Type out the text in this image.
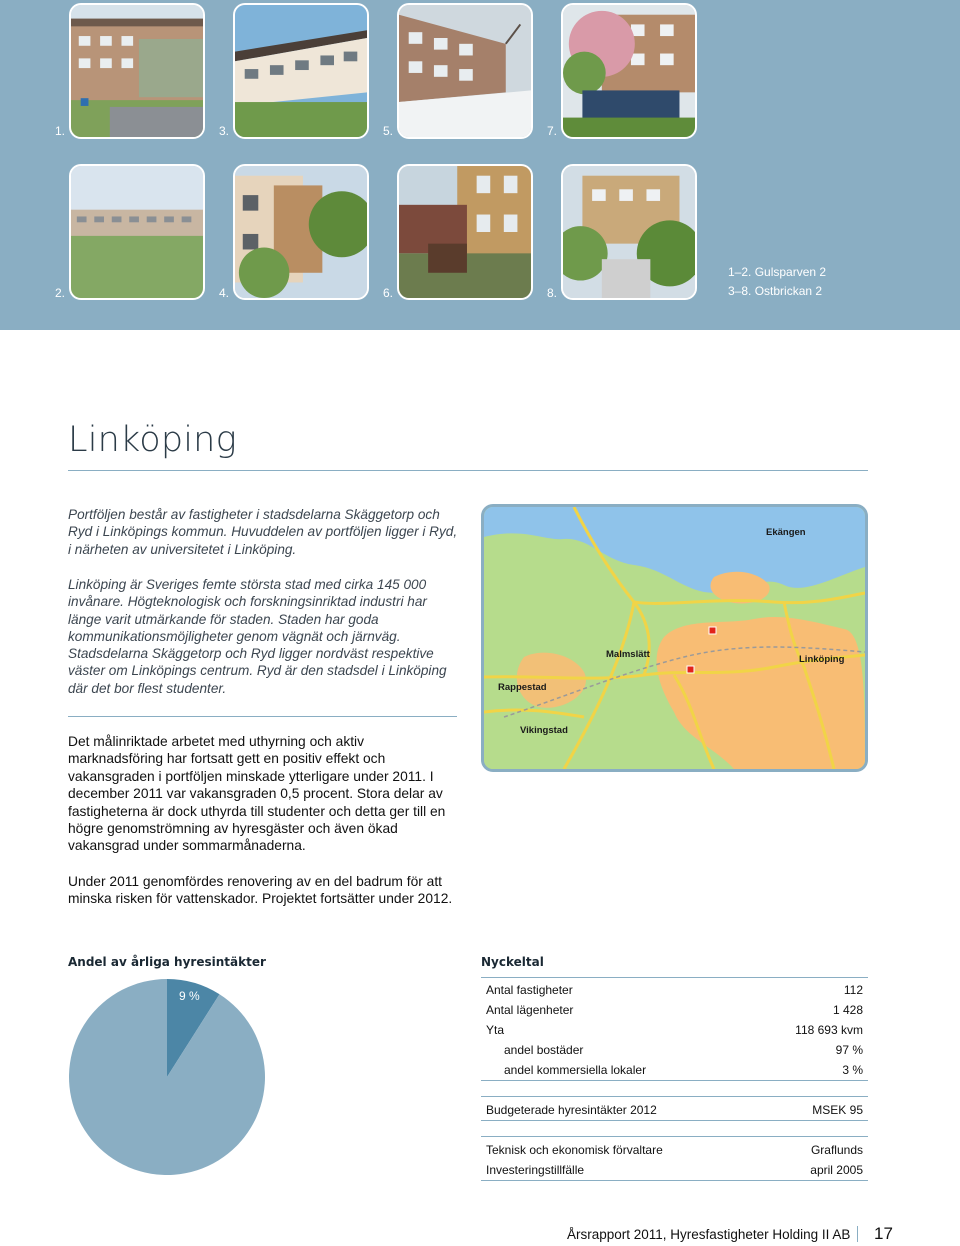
1.	3.	5.	7.
2.	4.	6.	8.
1–2. Gulsparven 2
3–8. Ostbrickan 2
Linköping

Portföljen består av fastigheter i stadsdelarna Skäggetorp och Ryd i Linköpings kommun. Huvuddelen av portföljen ligger i Ryd, i närheten av universitetet i Linköping.

Linköping är Sveriges femte största stad med cirka 145 000 invånare. Högteknologisk och forskningsinriktad industri har länge varit utmärkande för staden. Staden har goda kommunikationsmöjligheter genom vägnät och järnväg. Stadsdelarna Skäggetorp och Ryd ligger nordväst respektive väster om Linköpings centrum. Ryd är den stadsdel i Linköping där det bor flest studenter.

Det målinriktade arbetet med uthyrning och aktiv marknadsföring har fortsatt gett en positiv effekt och vakansgraden i portföljen minskade ytterligare under 2011. I december 2011 var vakansgraden 0,5 procent. Stora delar av fastigheterna är dock uthyrda till studenter och detta ger till en högre genomströmning av hyresgäster och även ökad vakansgrad under sommarmånaderna.

Under 2011 genomfördes renovering av en del badrum för att minska risken för vattenskador. Projektet fortsätter under 2012.

Ekängen
Malmslätt	Linköping
Rappestad
Vikingstad
Andel av årliga hyresintäkter
9 %
Nyckeltal
Antal fastigheter	112
Antal lägenheter	1 428
Yta	118 693 kvm
andel bostäder	97 %
andel kommersiella lokaler	3 %
Budgeterade hyresintäkter 2012	MSEK 95
Teknisk och ekonomisk förvaltare	Graflunds
Investeringstillfälle	april 2005
Årsrapport 2011, Hyresfastigheter Holding II AB 17
